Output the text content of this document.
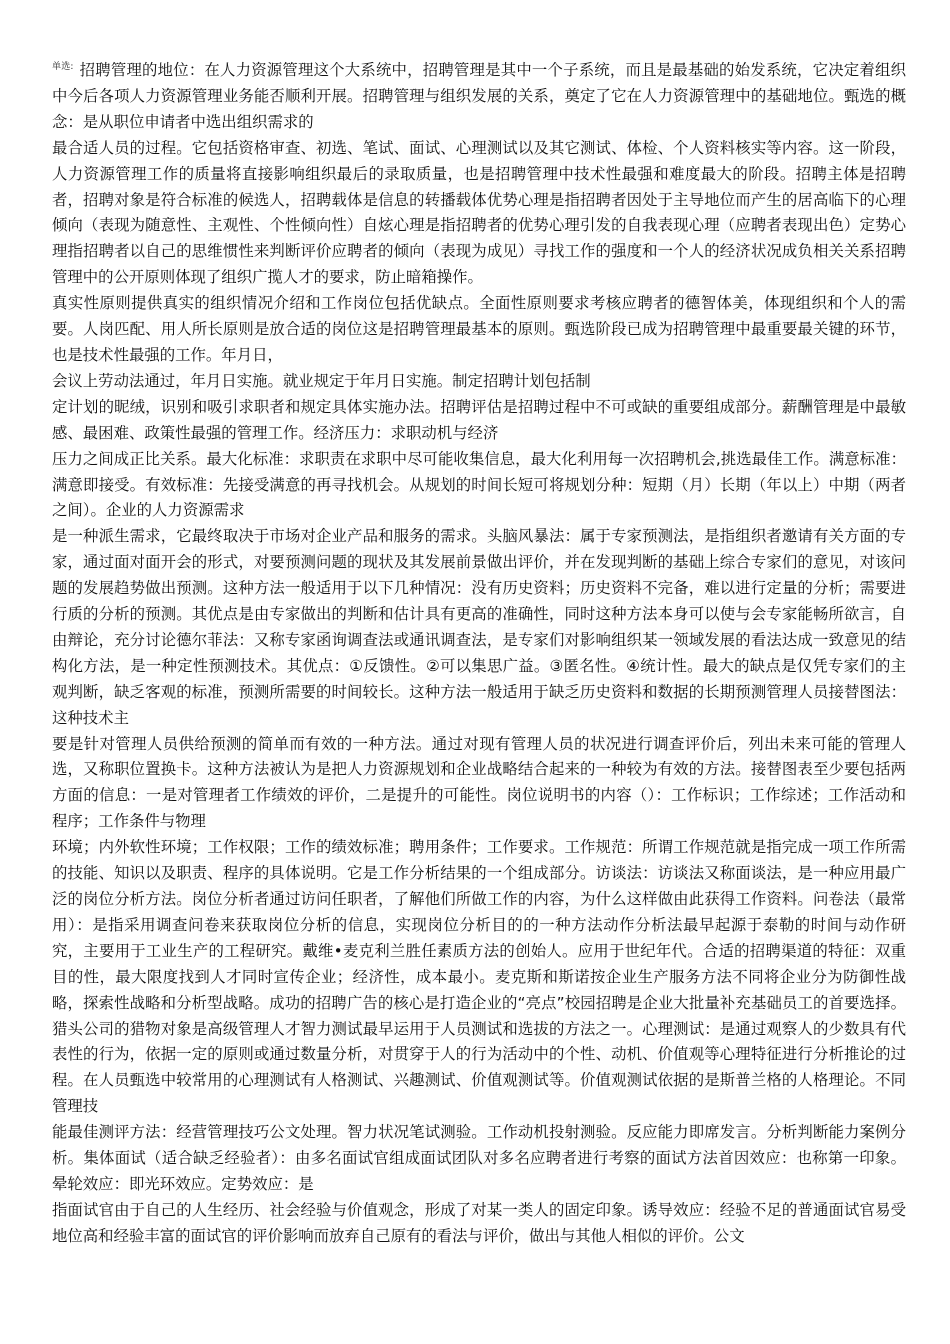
$^{单选:}$ 招聘管理的地位：在人力资源管理这个大系统中，招聘管理是其中一个子系统，而且是最基础的始发系统，它决定着组织中今后各项人力资源管理业务能否顺利开展。招聘管理与组织发展的关系，奠定了它在人力资源管理中的基础地位。甄选的概念：是从职位申请者中选出组织需求的

最合适人员的过程。它包括资格审查、初选、笔试、面试、心理测试以及其它测试、体检、个人资料核实等内容。这一阶段，人力资源管理工作的质量将直接影响组织最后的录取质量，也是招聘管理中技术性最强和难度最大的阶段。招聘主体是招聘者，招聘对象是符合标准的候选人，招聘载体是信息的转播载体优势心理是指招聘者因处于主导地位而产生的居高临下的心理倾向（表现为随意性、主观性、个性倾向性）自炫心理是指招聘者的优势心理引发的自我表现心理（应聘者表现出色）定势心理指招聘者以自己的思维惯性来判断评价应聘者的倾向（表现为成见）寻找工作的强度和一个人的经济状况成负相关关系招聘管理中的公开原则体现了组织广揽人才的要求，防止暗箱操作。

真实性原则提供真实的组织情况介绍和工作岗位包括优缺点。全面性原则要求考核应聘者的德智体美，体现组织和个人的需要。人岗匹配、用人所长原则是放合适的岗位这是招聘管理最基本的原则。甄选阶段已成为招聘管理中最重要最关键的环节，也是技术性最强的工作。年月日，

会议上劳动法通过，年月日实施。就业规定于年月日实施。制定招聘计划包括制

定计划的昵绒，识别和吸引求职者和规定具体实施办法。招聘评估是招聘过程中不可或缺的重要组成部分。薪酬管理是中最敏感、最困难、政策性最强的管理工作。经济压力：求职动机与经济

压力之间成正比关系。最大化标准：求职责在求职中尽可能收集信息，最大化利用每一次招聘机会,挑选最佳工作。满意标准：满意即接受。有效标准：先接受满意的再寻找机会。从规划的时间长短可将规划分种：短期（月）长期（年以上）中期（两者之间）。企业的人力资源需求

是一种派生需求，它最终取决于市场对企业产品和服务的需求。头脑风暴法：属于专家预测法，是指组织者邀请有关方面的专家，通过面对面开会的形式，对要预测问题的现状及其发展前景做出评价，并在发现判断的基础上综合专家们的意见，对该问题的发展趋势做出预测。这种方法一般适用于以下几种情况：没有历史资料；历史资料不完备，难以进行定量的分析；需要进行质的分析的预测。其优点是由专家做出的判断和估计具有更高的准确性，同时这种方法本身可以使与会专家能畅所欲言，自由辩论，充分讨论德尔菲法：又称专家函询调查法或通讯调查法，是专家们对影响组织某一领域发展的看法达成一致意见的结构化方法，是一种定性预测技术。其优点：①反馈性。②可以集思广益。③匿名性。④统计性。最大的缺点是仅凭专家们的主观判断，缺乏客观的标准，预测所需要的时间较长。这种方法一般适用于缺乏历史资料和数据的长期预测管理人员接替图法：这种技术主

要是针对管理人员供给预测的简单而有效的一种方法。通过对现有管理人员的状况进行调查评价后，列出未来可能的管理人选，又称职位置换卡。这种方法被认为是把人力资源规划和企业战略结合起来的一种较为有效的方法。接替图表至少要包括两方面的信息：一是对管理者工作绩效的评价，二是提升的可能性。岗位说明书的内容（）：工作标识；工作综述；工作活动和程序；工作条件与物理

环境；内外软性环境；工作权限；工作的绩效标准；聘用条件；工作要求。工作规范：所谓工作规范就是指完成一项工作所需的技能、知识以及职责、程序的具体说明。它是工作分析结果的一个组成部分。访谈法：访谈法又称面谈法，是一种应用最广泛的岗位分析方法。岗位分析者通过访问任职者，了解他们所做工作的内容，为什么这样做由此获得工作资料。问卷法（最常用）：是指采用调查问卷来获取岗位分析的信息，实现岗位分析目的的一种方法动作分析法最早起源于泰勒的时间与动作研究，主要用于工业生产的工程研究。戴维•麦克利兰胜任素质方法的创始人。应用于世纪年代。合适的招聘渠道的特征：双重目的性，最大限度找到人才同时宣传企业；经济性，成本最小。麦克斯和斯诺按企业生产服务方法不同将企业分为防御性战略，探索性战略和分析型战略。成功的招聘广告的核心是打造企业的“亮点”校园招聘是企业大批量补充基础员工的首要选择。猎头公司的猎物对象是高级管理人才智力测试最早运用于人员测试和选拔的方法之一。心理测试：是通过观察人的少数具有代表性的行为，依据一定的原则或通过数量分析，对贯穿于人的行为活动中的个性、动机、价值观等心理特征进行分析推论的过程。在人员甄选中较常用的心理测试有人格测试、兴趣测试、价值观测试等。价值观测试依据的是斯普兰格的人格理论。不同管理技

能最佳测评方法：经营管理技巧公文处理。智力状况笔试测验。工作动机投射测验。反应能力即席发言。分析判断能力案例分析。集体面试（适合缺乏经验者）：由多名面试官组成面试团队对多名应聘者进行考察的面试方法首因效应：也称第一印象。晕轮效应：即光环效应。定势效应：是

指面试官由于自己的人生经历、社会经验与价值观念，形成了对某一类人的固定印象。诱导效应：经验不足的普通面试官易受地位高和经验丰富的面试官的评价影响而放弃自己原有的看法与评价，做出与其他人相似的评价。公文
